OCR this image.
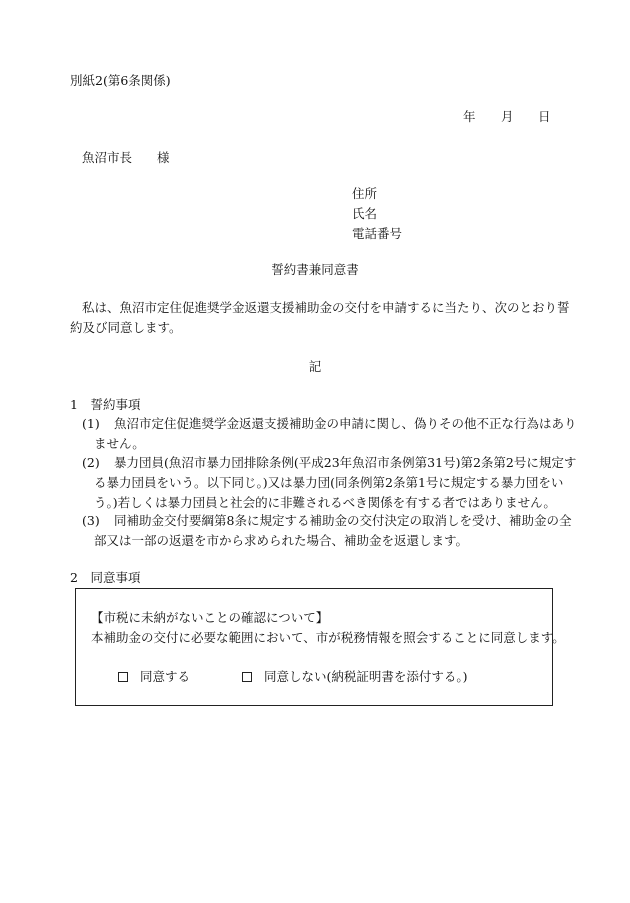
別紙2(第6条関係)
年 月 日
魚沼市長　　様
住所
氏名
電話番号
誓約書兼同意書
私は、魚沼市定住促進奨学金返還支援補助金の交付を申請するに当たり、次のとおり誓
約及び同意します。
記
1　誓約事項
(1) 魚沼市定住促進奨学金返還支援補助金の申請に関し、偽りその他不正な行為はあり
ません。
(2) 暴力団員(魚沼市暴力団排除条例(平成23年魚沼市条例第31号)第2条第2号に規定す
る暴力団員をいう。以下同じ。)又は暴力団(同条例第2条第1号に規定する暴力団をい
う。)若しくは暴力団員と社会的に非難されるべき関係を有する者ではありません。
(3) 同補助金交付要綱第8条に規定する補助金の交付決定の取消しを受け、補助金の全
部又は一部の返還を市から求められた場合、補助金を返還します。
2　同意事項
【市税に未納がないことの確認について】
本補助金の交付に必要な範囲において、市が税務情報を照会することに同意します。
同意する	同意しない(納税証明書を添付する。)
